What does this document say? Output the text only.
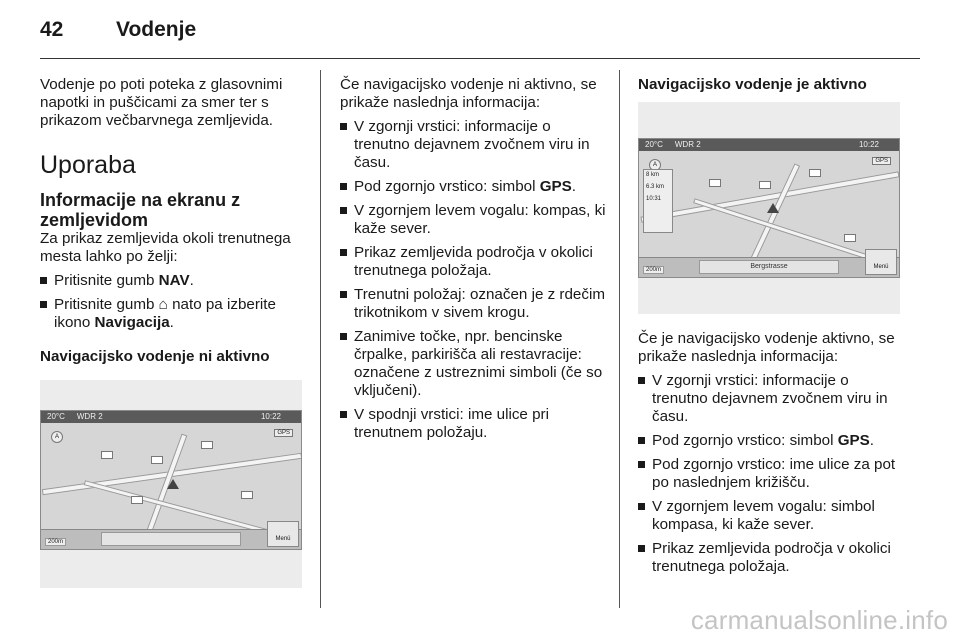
42	Vodenje

Vodenje po poti poteka z glasovnimi napotki in puščicami za smer ter s prikazom večbarvnega zemljevida.

Uporaba
Informacije na ekranu z zemljevidom

Za prikaz zemljevida okoli trenutnega mesta lahko po želji:

Pritisnite gumb NAV.
Pritisnite gumb ⌂ nato pa izberite ikono Navigacija.

Navigacijsko vodenje ni aktivno

20°C WDR 2	10:22
A
GPS
200m	Menü

Če navigacijsko vodenje ni aktivno, se prikaže naslednja informacija:

V zgornji vrstici: informacije o trenutno dejavnem zvočnem viru in času.
Pod zgornjo vrstico: simbol GPS.
V zgornjem levem vogalu: kompas, ki kaže sever.
Prikaz zemljevida področja v okolici trenutnega položaja.
Trenutni položaj: označen je z rdečim trikotnikom v sivem krogu.
Zanimive točke, npr. bencinske črpalke, parkirišča ali restavracije: označene z ustreznimi simboli (če so vključeni).
V spodnji vrstici: ime ulice pri trenutnem položaju.

Navigacijsko vodenje je aktivno

20°C WDR 2	10:22
A
GPS
8 km
6.3 km
10:31
200m	Bergstrasse	Menü

Če je navigacijsko vodenje aktivno, se prikaže naslednja informacija:

V zgornji vrstici: informacije o trenutno dejavnem zvočnem viru in času.
Pod zgornjo vrstico: simbol GPS.
Pod zgornjo vrstico: ime ulice za pot po naslednjem križišču.
V zgornjem levem vogalu: simbol kompasa, ki kaže sever.
Prikaz zemljevida področja v okolici trenutnega položaja.
carmanualsonline.info
